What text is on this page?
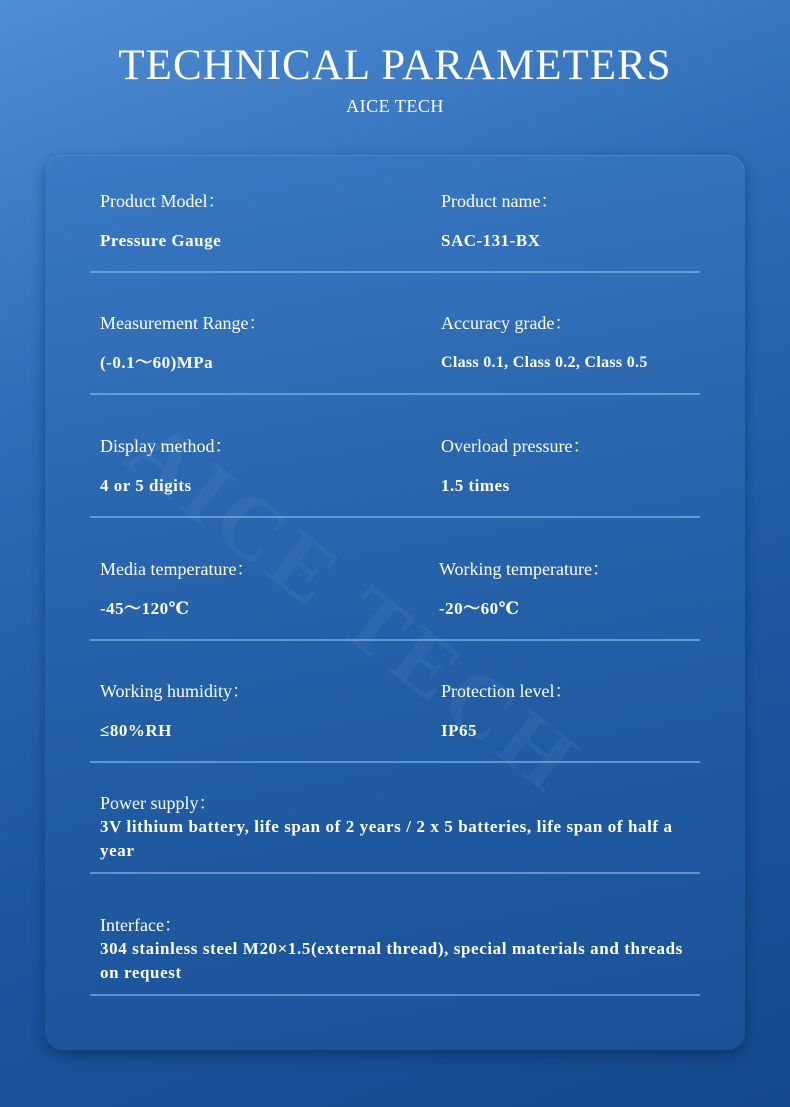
TECHNICAL PARAMETERS
AICE TECH
Product Model：
Pressure Gauge
Product name：
SAC-131-BX
Measurement Range：
(-0.1～60)MPa
Accuracy grade：
Class 0.1, Class 0.2, Class 0.5
Display method：
4 or 5 digits
Overload pressure：
1.5 times
Media temperature：
-45～120℃
Working temperature：
-20～60℃
Working humidity：
≤80%RH
Protection level：
IP65
Power supply：
3V lithium battery, life span of 2 years / 2 x 5 batteries, life span of half a year
Interface：
304 stainless steel M20×1.5(external thread), special materials and threads on request
